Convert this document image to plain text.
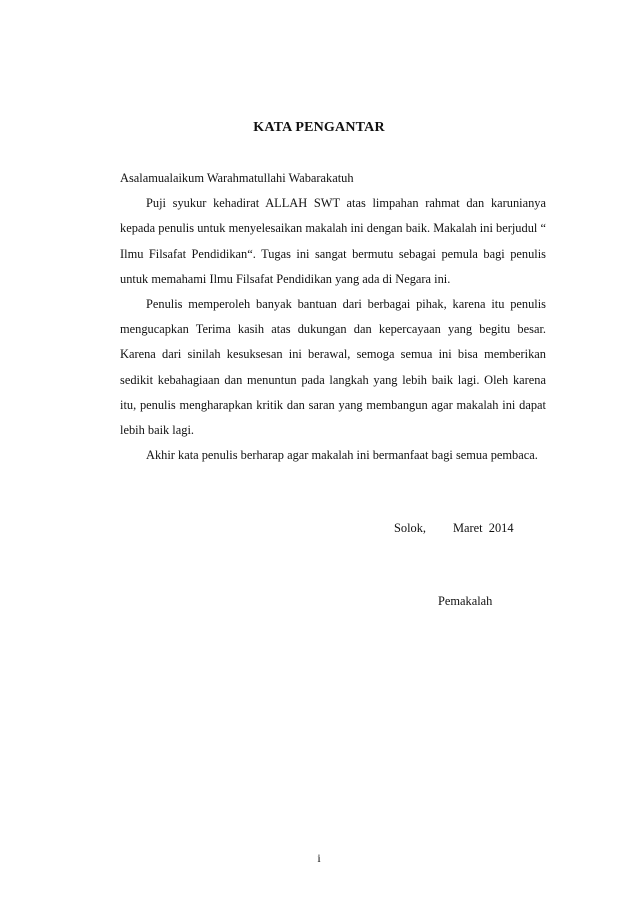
KATA PENGANTAR

Asalamualaikum Warahmatullahi Wabarakatuh

Puji syukur kehadirat ALLAH SWT atas limpahan rahmat dan karunianya kepada penulis untuk menyelesaikan makalah ini dengan baik. Makalah ini berjudul “ Ilmu Filsafat Pendidikan“. Tugas ini sangat bermutu sebagai pemula bagi penulis untuk memahami Ilmu Filsafat Pendidikan yang ada di Negara ini.

Penulis memperoleh banyak bantuan dari berbagai pihak, karena itu penulis mengucapkan Terima kasih atas dukungan dan kepercayaan yang begitu besar. Karena dari sinilah kesuksesan ini berawal, semoga semua ini bisa memberikan sedikit kebahagiaan dan menuntun pada langkah yang lebih baik lagi. Oleh karena itu, penulis mengharapkan kritik dan saran yang membangun agar makalah ini dapat lebih baik lagi.

Akhir kata penulis berharap agar makalah ini bermanfaat bagi semua pembaca.

Solok, Maret  2014
Pemakalah
i
